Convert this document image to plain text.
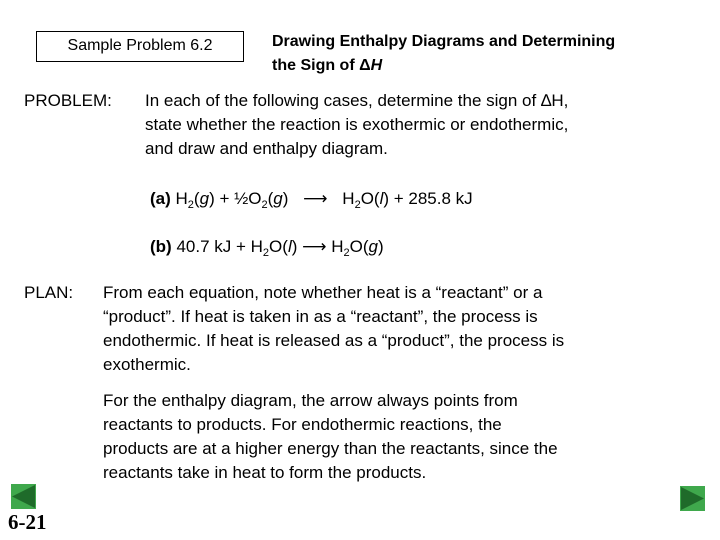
Sample Problem 6.2	Drawing Enthalpy Diagrams and Determining
the Sign of ΔH
PROBLEM: In each of the following cases, determine the sign of ∆H,
state whether the reaction is exothermic or endothermic,
and draw and enthalpy diagram.
(a) $H_2(g)$ + $\frac{1}{2}O_2(g)$ ⟶ $H_2O(l) + 285.8$ kJ
(b) 40.7 kJ + $H_2O(l)$ ⟶ $H_2O(g)$
PLAN: From each equation, note whether heat is a “reactant” or a
“product”. If heat is taken in as a “reactant”, the process is
endothermic. If heat is released as a “product”, the process is
exothermic.
For the enthalpy diagram, the arrow always points from
reactants to products. For endothermic reactions, the
products are at a higher energy than the reactants, since the
reactants take in heat to form the products.
6-21
